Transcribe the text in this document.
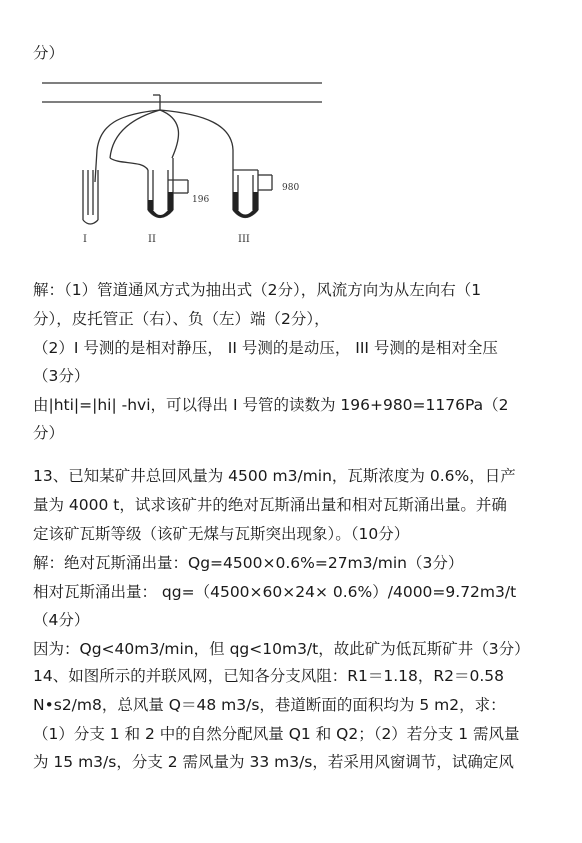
分）
I	II	III
196
980
解：（1）管道通风方式为抽出式（2分），风流方向为从左向右（1
分），皮托管正（右）、负（左）端（2分），
（2）I 号测的是相对静压， II 号测的是动压， III 号测的是相对全压
（3分）
由|hti|=|hi| -hvi，可以得出 I 号管的读数为 196+980=1176Pa（2
分）
13、已知某矿井总回风量为 4500 m3/min，瓦斯浓度为 0.6%，日产
量为 4000 t，试求该矿井的绝对瓦斯涌出量和相对瓦斯涌出量。并确
定该矿瓦斯等级（该矿无煤与瓦斯突出现象）。（10分）
解：绝对瓦斯涌出量：Qg=4500×0.6%=27m3/min（3分）
相对瓦斯涌出量： qg=（4500×60×24× 0.6%）/4000=9.72m3/t
（4分）
因为：Qg<40m3/min，但 qg<10m3/t，故此矿为低瓦斯矿井（3分）
14、如图所示的并联风网，已知各分支风阻：R1＝1.18，R2＝0.58
N•s2/m8，总风量 Q＝48 m3/s，巷道断面的面积均为 5 m2，求：
（1）分支 1 和 2 中的自然分配风量 Q1 和 Q2；（2）若分支 1 需风量
为 15 m3/s，分支 2 需风量为 33 m3/s，若采用风窗调节，试确定风
